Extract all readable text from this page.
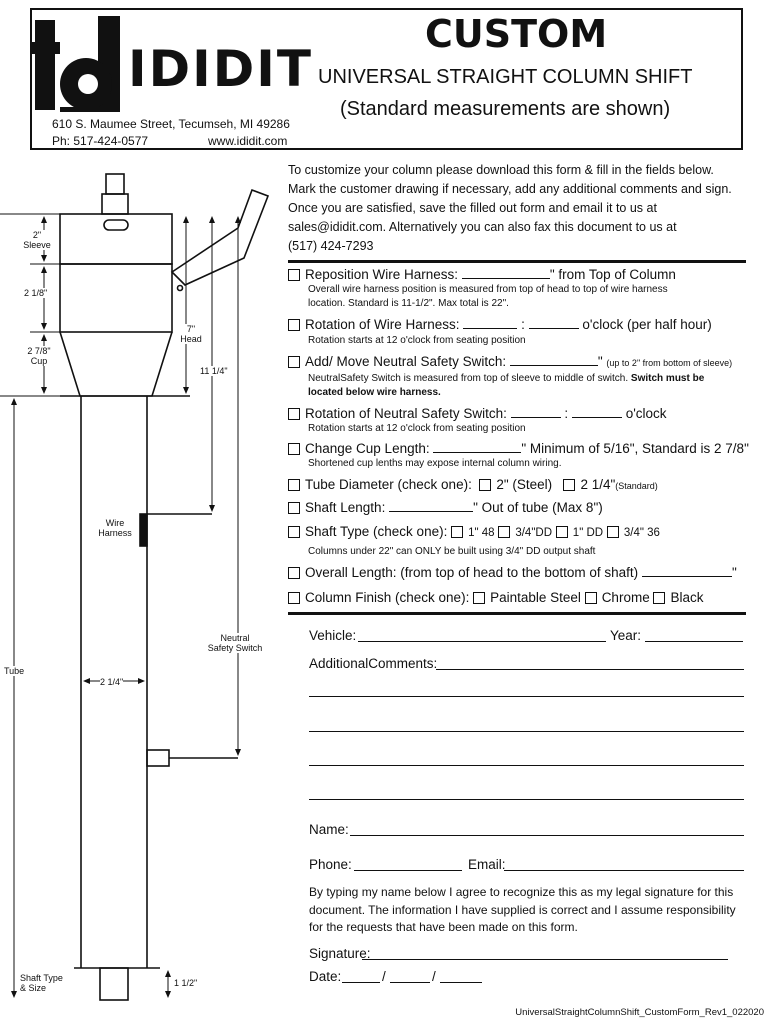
IDIDIT
610 S. Maumee Street, Tecumseh, MI 49286
Ph: 517-424-0577	www.ididit.com
CUSTOM
UNIVERSAL STRAIGHT COLUMN SHIFT
(Standard measurements are shown)
To customize your column please download this form & fill in the fields below.
Mark the customer drawing if necessary, add any additional comments and sign.
Once you are satisfied, save the filled out form and email it to us at
sales@ididit.com. Alternatively you can also fax this document to us at
(517) 424-7293
Reposition Wire Harness:	" from Top of Column
Overall wire harness position is measured from top of head to top of wire harness
location. Standard is 11-1/2". Max total is 22".
Rotation of Wire Harness:	:	o'clock (per half hour)
Rotation starts at 12 o'clock from seating position
Add/ Move Neutral Safety Switch:	" (up to 2" from bottom of sleeve)
NeutralSafety Switch is measured from top of sleeve to middle of switch. Switch must be
located below wire harness.
Rotation of Neutral Safety Switch:	:	o'clock
Rotation starts at 12 o'clock from seating position
Change Cup Length:	" Minimum of 5/16", Standard is 2 7/8"
Shortened cup lenths may expose internal column wiring.
Tube Diameter (check one): 2" (Steel) 2 1/4"(Standard)
Shaft Length:	" Out of tube (Max 8")
Shaft Type (check one): 1" 48 3/4"DD 1" DD 3/4" 36
Columns under 22" can ONLY be built using 3/4" DD output shaft
Overall Length: (from top of head to the bottom of shaft)	"
Column Finish (check one): Paintable Steel Chrome Black
Vehicle:	Year:
AdditionalComments:
Name:
Phone:	Email:
By typing my name below I agree to recognize this as my legal signature for this
document. The information I have supplied is correct and I assume responsibility
for the requests that have been made on this form.
Signature:
Date:	/	/
UniversalStraightColumnShift_CustomForm_Rev1_022020
2"
Sleeve
2 1/8"
2 7/8"
Cup
7"
Head
11 1/4"
Wire
Harness
Neutral
Safety Switch
Tube
2 1/4"
Shaft Type
& Size	1 1/2"
